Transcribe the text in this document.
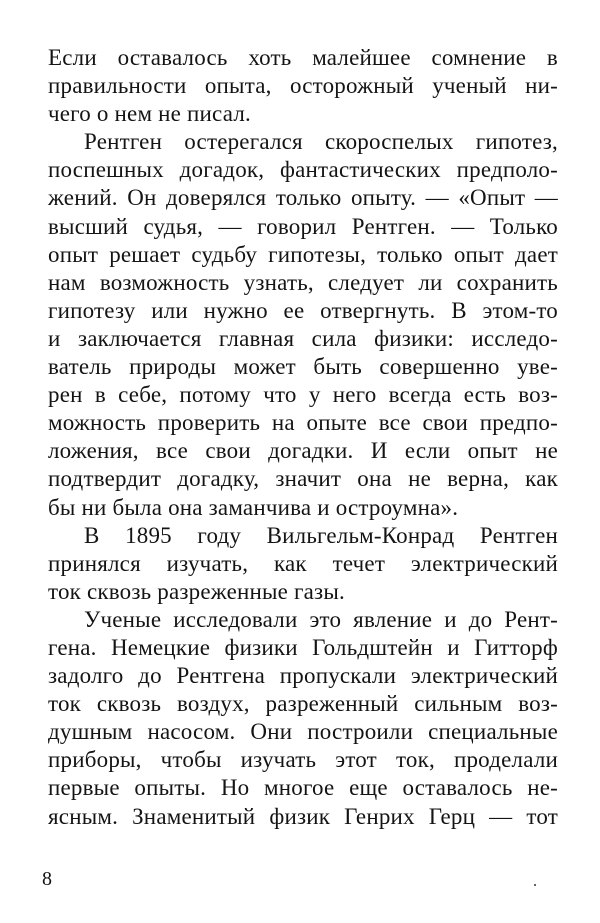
Если оставалось хоть малейшее сомнение в
правильности опыта, осторожный ученый ни-
чего о нем не писал.
Рентген остерегался скороспелых гипотез,
поспешных догадок, фантастических предполо-
жений. Он доверялся только опыту. — «Опыт —
высший судья, — говорил Рентген. — Только
опыт решает судьбу гипотезы, только опыт дает
нам возможность узнать, следует ли сохранить
гипотезу или нужно ее отвергнуть. В этом-то
и заключается главная сила физики: исследо-
ватель природы может быть совершенно уве-
рен в себе, потому что у него всегда есть воз-
можность проверить на опыте все свои предпо-
ложения, все свои догадки. И если опыт не
подтвердит догадку, значит она не верна, как
бы ни была она заманчива и остроумна».
В 1895 году Вильгельм-Конрад Рентген
принялся изучать, как течет электрический
ток сквозь разреженные газы.
Ученые исследовали это явление и до Рент-
гена. Немецкие физики Гольдштейн и Гитторф
задолго до Рентгена пропускали электрический
ток сквозь воздух, разреженный сильным воз-
душным насосом. Они построили специальные
приборы, чтобы изучать этот ток, проделали
первые опыты. Но многое еще оставалось не-
ясным. Знаменитый физик Генрих Герц — тот
8
